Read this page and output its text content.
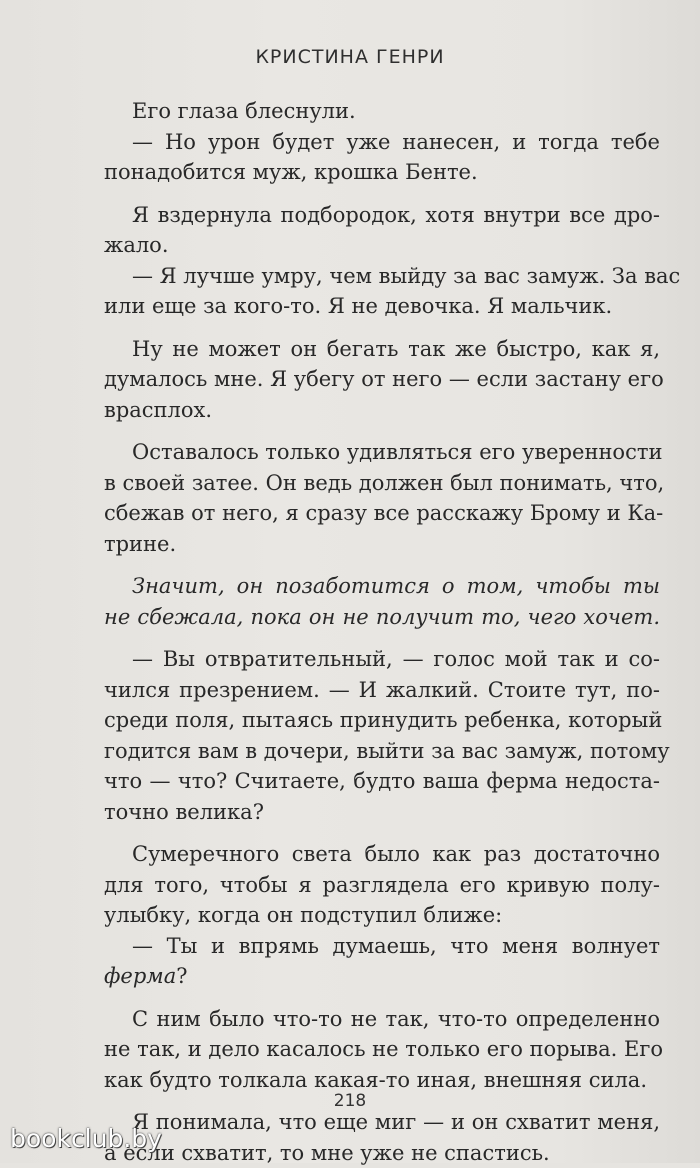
КРИСТИНА ГЕНРИ
Его глаза блеснули.
— Но урон будет уже нанесен, и тогда тебе
понадобится муж, крошка Бенте.
Я вздернула подбородок, хотя внутри все дро-
жало.
— Я лучше умру, чем выйду за вас замуж. За вас
или еще за кого-то. Я не девочка. Я мальчик.
Ну не может он бегать так же быстро, как я,
думалось мне. Я убегу от него — если застану его
врасплох.
Оставалось только удивляться его уверенности
в своей затее. Он ведь должен был понимать, что,
сбежав от него, я сразу все расскажу Брому и Ка-
трине.
Значит, он позаботится о том, чтобы ты
не сбежала, пока он не получит то, чего хочет.
— Вы отвратительный, — голос мой так и со-
чился презрением. — И жалкий. Стоите тут, по-
среди поля, пытаясь принудить ребенка, который
годится вам в дочери, выйти за вас замуж, потому
что — что? Считаете, будто ваша ферма недоста-
точно велика?
Сумеречного света было как раз достаточно
для того, чтобы я разглядела его кривую полу-
улыбку, когда он подступил ближе:
— Ты и впрямь думаешь, что меня волнует
ферма?
С ним было что-то не так, что-то определенно
не так, и дело касалось не только его порыва. Его
как будто толкала какая-то иная, внешняя сила.
Я понимала, что еще миг — и он схватит меня,
а если схватит, то мне уже не спастись.
218
bookclub.by
